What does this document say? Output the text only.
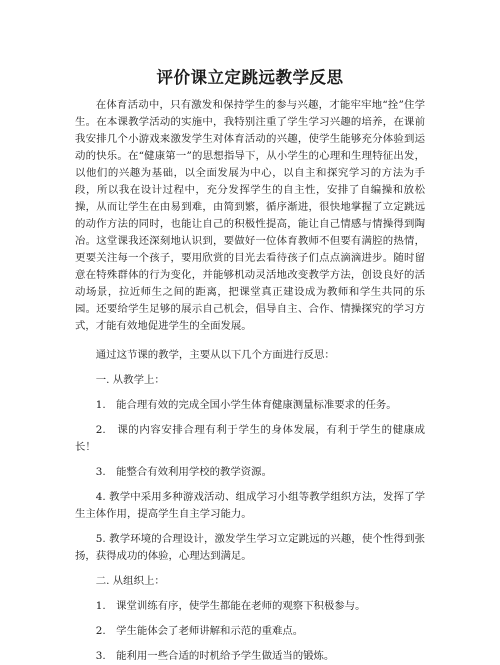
评价课立定跳远教学反思

在体育活动中，只有激发和保持学生的参与兴趣，才能牢牢地“拴”住学生。在本课教学活动的实施中，我特别注重了学生学习兴趣的培养，在课前我安排几个小游戏来激发学生对体育活动的兴趣，使学生能够充分体验到运动的快乐。在“健康第一”的思想指导下，从小学生的心理和生理特征出发，以他们的兴趣为基础，以全面发展为中心，以自主和探究学习的方法为手段，所以我在设计过程中，充分发挥学生的自主性，安排了自编操和放松操，从而让学生在由易到难，由简到繁，循序渐进，很快地掌握了立定跳远的动作方法的同时，也能让自己的积极性提高，能让自己情感与情操得到陶冶。这堂课我还深刻地认识到，要做好一位体育教师不但要有满腔的热情，更要关注每一个孩子，要用欣赏的目光去看待孩子们点点滴滴进步。随时留意在特殊群体的行为变化，并能够机动灵活地改变教学方法，创设良好的活动场景，拉近师生之间的距离，把课堂真正建设成为教师和学生共同的乐园。还要给学生足够的展示自己机会，倡导自主、合作、情操探究的学习方式，才能有效地促进学生的全面发展。

通过这节课的教学，主要从以下几个方面进行反思：

一. 从教学上：

1.　能合理有效的完成全国小学生体育健康测量标准要求的任务。

2.　课的内容安排合理有利于学生的身体发展，有利于学生的健康成长！

3.　能整合有效利用学校的教学资源。

4. 教学中采用多种游戏活动、组成学习小组等教学组织方法，发挥了学生主体作用，提高学生自主学习能力。

5. 教学环境的合理设计，激发学生学习立定跳远的兴趣，使个性得到张扬，获得成功的体验，心理达到满足。

二. 从组织上：

1.　课堂训练有序，使学生都能在老师的观察下积极参与。

2.　学生能体会了老师讲解和示范的重难点。

3.　能利用一些合适的时机给予学生做适当的锻炼。
